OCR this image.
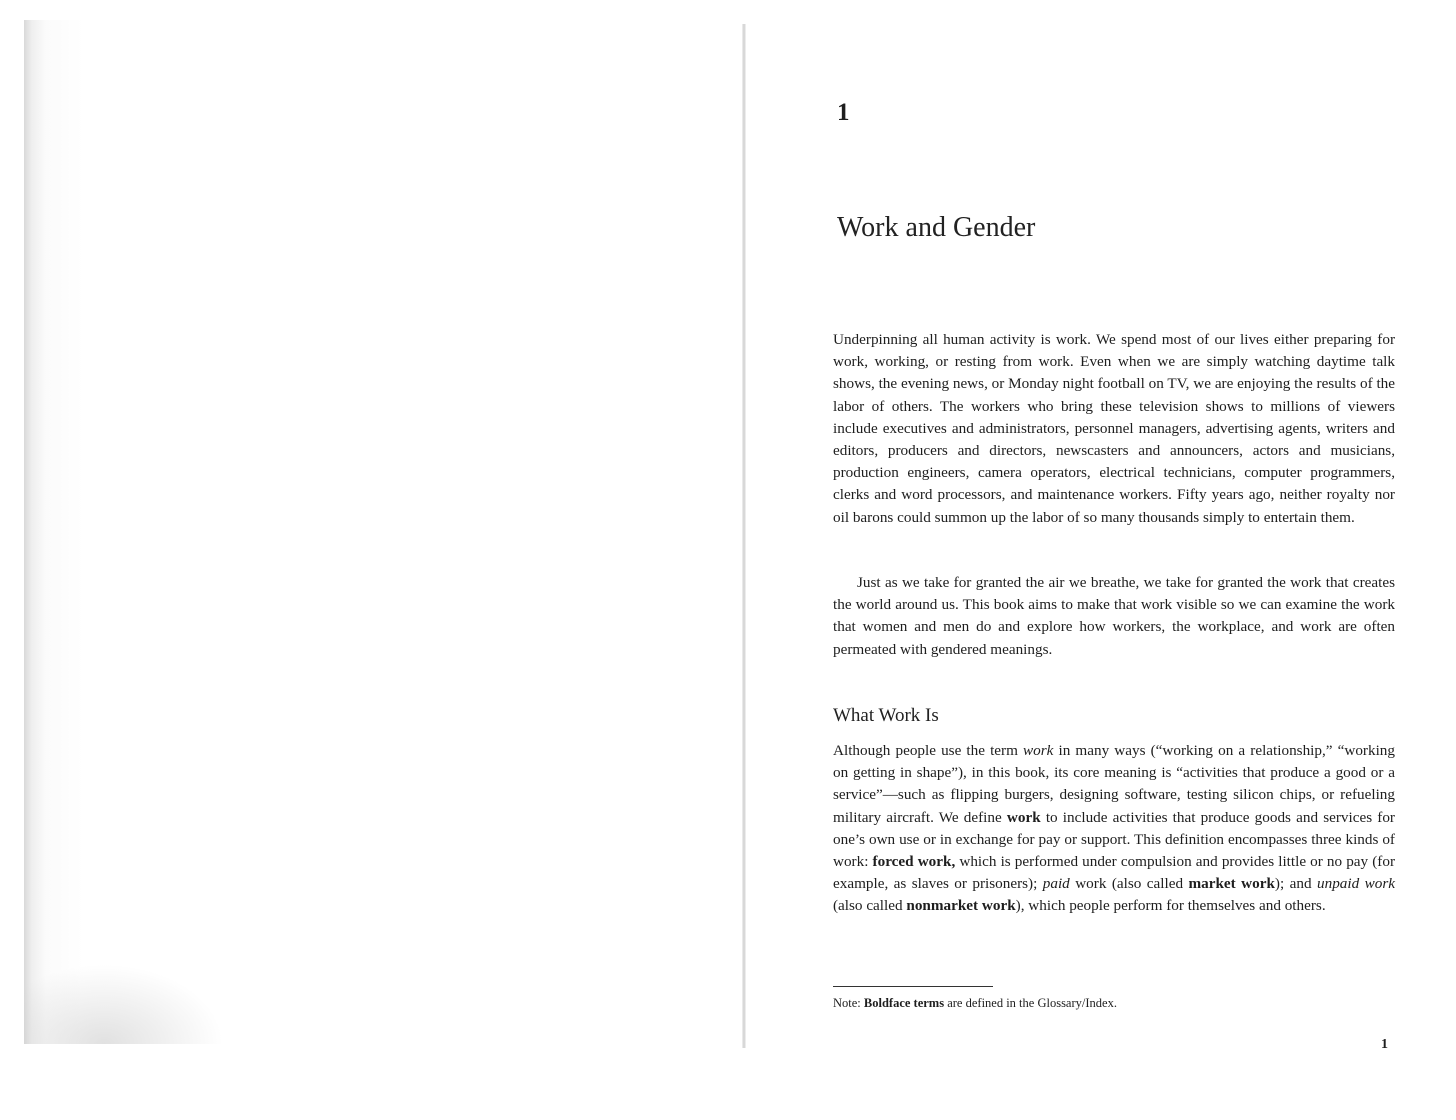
1
Work and Gender

Underpinning all human activity is work. We spend most of our lives either preparing for work, working, or resting from work. Even when we are simply watching daytime talk shows, the evening news, or Monday night football on TV, we are enjoying the results of the labor of others. The workers who bring these television shows to millions of viewers include executives and administrators, personnel managers, advertising agents, writers and editors, producers and directors, newscasters and announcers, actors and musicians, production engineers, camera operators, electrical technicians, computer programmers, clerks and word processors, and maintenance workers. Fifty years ago, neither royalty nor oil barons could summon up the labor of so many thousands simply to entertain them.

Just as we take for granted the air we breathe, we take for granted the work that creates the world around us. This book aims to make that work visible so we can examine the work that women and men do and explore how workers, the workplace, and work are often permeated with gendered meanings.

What Work Is

Although people use the term work in many ways (“working on a relationship,” “working on getting in shape”), in this book, its core meaning is “activities that produce a good or a service”—such as flipping burgers, designing software, testing silicon chips, or refueling military aircraft. We define work to include activities that produce goods and services for one’s own use or in exchange for pay or support. This definition encompasses three kinds of work: forced work, which is performed under compulsion and provides little or no pay (for example, as slaves or prisoners); paid work (also called market work); and unpaid work (also called nonmarket work), which people perform for themselves and others.

Note: Boldface terms are defined in the Glossary/Index.

1
